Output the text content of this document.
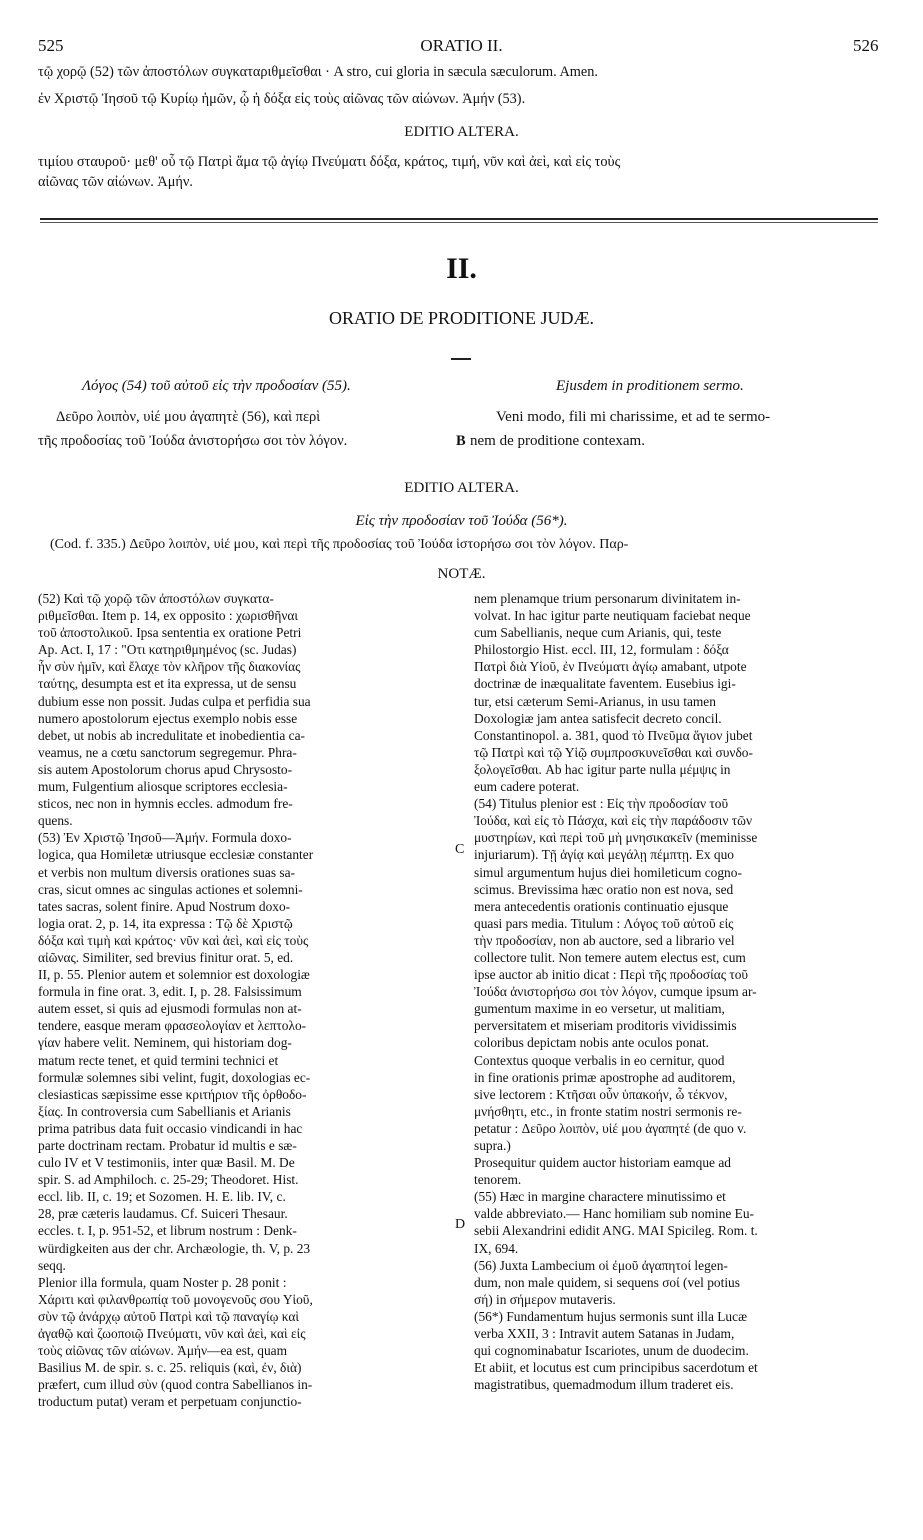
525	ORATIO II.	526
τῷ χορῷ (52) τῶν ἀποστόλων συγκαταριθμεῖσθαι · A stro, cui gloria in sæcula sæculorum. Amen.
ἐν Χριστῷ Ἰησοῦ τῷ Κυρίῳ ἡμῶν, ᾧ ἡ δόξα εἰς τοὺς αἰῶνας τῶν αἰώνων. Ἀμήν (53).
EDITIO ALTERA.
τιμίου σταυροῦ· μεθ' οὗ τῷ Πατρὶ ἅμα τῷ ἁγίῳ Πνεύματι δόξα, κράτος, τιμή, νῦν καὶ ἀεὶ, καὶ εἰς τοὺς
αἰῶνας τῶν αἰώνων. Ἀμήν.
II.
ORATIO DE PRODITIONE JUDÆ.
Λόγος (54) τοῦ αὐτοῦ εἰς τὴν προδοσίαν (55).	Ejusdem in proditionem sermo.
Δεῦρο λοιπὸν, υἱέ μου ἀγαπητὲ (56), καὶ περὶ
τῆς προδοσίας τοῦ Ἰούδα ἀνιστορήσω σοι τὸν λόγον.	B
Veni modo, fili mi charissime, et ad te sermo-
nem de proditione contexam.
EDITIO ALTERA.
Εἰς τὴν προδοσίαν τοῦ Ἰούδα (56*).
(Cod. f. 335.) Δεῦρο λοιπὸν, υἱέ μου, καὶ περὶ τῆς προδοσίας τοῦ Ἰούδα ἱστορήσω σοι τὸν λόγον. Παρ-
NOTÆ.
(52) Καὶ τῷ χορῷ τῶν ἀποστόλων συγκατα-
ριθμεῖσθαι. Item p. 14, ex opposito : χωρισθῆναι
τοῦ ἀποστολικοῦ. Ipsa sententia ex oratione Petri
Ap. Act. I, 17 : "Οτι κατηριθμημένος (sc. Judas)
ἦν σὺν ἡμῖν, καὶ ἔλαχε τὸν κλῆρον τῆς διακονίας
ταύτης, desumpta est et ita expressa, ut de sensu
dubium esse non possit. Judas culpa et perfidia sua
numero apostolorum ejectus exemplo nobis esse
debet, ut nobis ab incredulitate et inobedientia ca-
veamus, ne a cœtu sanctorum segregemur. Phra-
sis autem Apostolorum chorus apud Chrysosto-
mum, Fulgentium aliosque scriptores ecclesia-
sticos, nec non in hymnis eccles. admodum fre-
quens.
(53) Ἐν Χριστῷ Ἰησοῦ—Ἀμήν. Formula doxo-
logica, qua Homiletæ utriusque ecclesiæ constanter
et verbis non multum diversis orationes suas sa-
cras, sicut omnes ac singulas actiones et solemni-
tates sacras, solent finire. Apud Nostrum doxo-
logia orat. 2, p. 14, ita expressa : Τῷ δὲ Χριστῷ
δόξα καὶ τιμὴ καὶ κράτος· νῦν καὶ ἀεὶ, καὶ εἰς τοὺς
αἰῶνας. Similiter, sed brevius finitur orat. 5, ed.
II, p. 55. Plenior autem et solemnior est doxologiæ
formula in fine orat. 3, edit. I, p. 28. Falsissimum
autem esset, si quis ad ejusmodi formulas non at-
tendere, easque meram φρασεολογίαν et λεπτολο-
γίαν habere velit. Neminem, qui historiam dog-
matum recte tenet, et quid termini technici et
formulæ solemnes sibi velint, fugit, doxologias ec-
clesiasticas sæpissime esse κριτήριον τῆς ὀρθοδο-
ξίας. In controversia cum Sabellianis et Arianis
prima patribus data fuit occasio vindicandi in hac
parte doctrinam rectam. Probatur id multis e sæ-
culo IV et V testimoniis, inter quæ Basil. M. De
spir. S. ad Amphiloch. c. 25-29; Theodoret. Hist.
eccl. lib. II, c. 19; et Sozomen. H. E. lib. IV, c.
28, præ cæteris laudamus. Cf. Suiceri Thesaur.
eccles. t. I, p. 951-52, et librum nostrum : Denk-
würdigkeiten aus der chr. Archæologie, th. V, p. 23
seqq.
Plenior illa formula, quam Noster p. 28 ponit :
Χάριτι καὶ φιλανθρωπίᾳ τοῦ μονογενοῦς σου Υἱοῦ,
σὺν τῷ ἀνάρχῳ αὐτοῦ Πατρὶ καὶ τῷ παναγίῳ καὶ
ἀγαθῷ καὶ ζωοποιῷ Πνεύματι, νῦν καὶ ἀεὶ, καὶ εἰς
τοὺς αἰῶνας τῶν αἰώνων. Ἀμήν—ea est, quam
Basilius M. de spir. s. c. 25. reliquis (καὶ, ἐν, διὰ)
præfert, cum illud σὺν (quod contra Sabellianos in-
troductum putat) veram et perpetuam conjunctio-
nem plenamque trium personarum divinitatem in-
volvat. In hac igitur parte neutiquam faciebat neque
cum Sabellianis, neque cum Arianis, qui, teste
Philostorgio Hist. eccl. III, 12, formulam : δόξα
Πατρὶ διὰ Υἱοῦ, ἐν Πνεύματι ἁγίῳ amabant, utpote
doctrinæ de inæqualitate faventem. Eusebius igi-
tur, etsi cæterum Semi-Arianus, in usu tamen
Doxologiæ jam antea satisfecit decreto concil.
Constantinopol. a. 381, quod τὸ Πνεῦμα ἅγιον jubet
τῷ Πατρὶ καὶ τῷ Υἱῷ συμπροσκυνεῖσθαι καὶ συνδο-
ξολογεῖσθαι. Ab hac igitur parte nulla μέμψις in
eum cadere poterat.
(54) Titulus plenior est : Εἰς τὴν προδοσίαν τοῦ
Ἰούδα, καὶ εἰς τὸ Πάσχα, καὶ εἰς τὴν παράδοσιν τῶν
μυστηρίων, καὶ περὶ τοῦ μὴ μνησικακεῖν (meminisse
injuriarum). Τῇ ἁγίᾳ καὶ μεγάλῃ πέμπτῃ. Ex quo
simul argumentum hujus diei homileticum cogno-
scimus. Brevissima hæc oratio non est nova, sed
mera antecedentis orationis continuatio ejusque
quasi pars media. Titulum : Λόγος τοῦ αὐτοῦ εἰς
τὴν προδοσίαν, non ab auctore, sed a librario vel
collectore tulit. Non temere autem electus est, cum
ipse auctor ab initio dicat : Περὶ τῆς προδοσίας τοῦ
Ἰούδα ἀνιστορήσω σοι τὸν λόγον, cumque ipsum ar-
gumentum maxime in eo versetur, ut malitiam,
perversitatem et miseriam proditoris vividissimis
coloribus depictam nobis ante oculos ponat.
Contextus quoque verbalis in eo cernitur, quod
in fine orationis primæ apostrophe ad auditorem,
sive lectorem : Κτῆσαι οὖν ὑπακοήν, ὦ τέκνον,
μνήσθητι, etc., in fronte statim nostri sermonis re-
petatur : Δεῦρο λοιπὸν, υἱέ μου ἀγαπητέ (de quo v.
supra.)
Prosequitur quidem auctor historiam eamque ad
tenorem.
(55) Hæc in margine charactere minutissimo et
valde abbreviato.— Hanc homiliam sub nomine Eu-
sebii Alexandrini edidit ANG. MAI Spicileg. Rom. t.
IX, 694.
(56) Juxta Lambecium οἱ ἐμοῦ ἀγαπητοί legen-
dum, non male quidem, si sequens σοί (vel potius
σή) in σήμερον mutaveris.
(56*) Fundamentum hujus sermonis sunt illa Lucæ
verba XXII, 3 : Intravit autem Satanas in Judam,
qui cognominabatur Iscariotes, unum de duodecim.
Et abiit, et locutus est cum principibus sacerdotum et
magistratibus, quemadmodum illum traderet eis.
C
D
